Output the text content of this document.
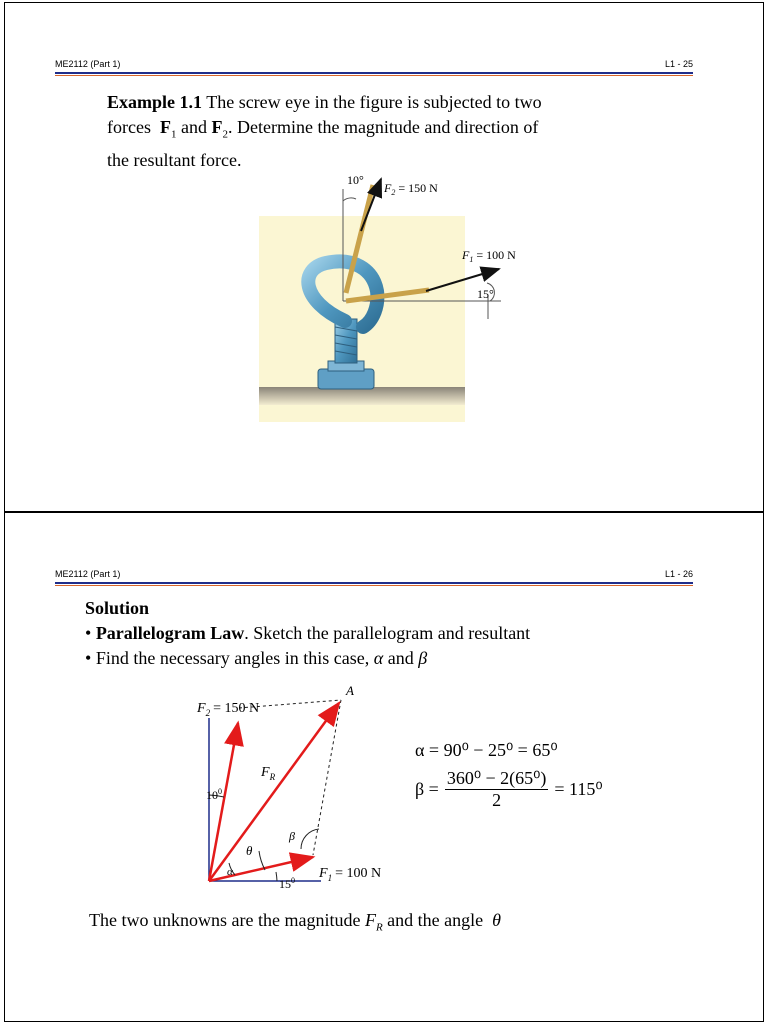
ME2112 (Part 1)	L1 - 25
Example 1.1 The screw eye in the figure is subjected to two
forces $F_1$ and $F_2$. Determine the magnitude and direction of
the resultant force.
10°
$F_2 = 150$ N
$F_1 = 100$ N
15°
ME2112 (Part 1)	L1 - 26
Solution
• Parallelogram Law. Sketch the parallelogram and resultant
• Find the necessary angles in this case, α and β
A
$F_2 = 150$ N
$F_R$
$10^0$
θ
α
β
$15^0$ $F_1 = 100$ N
α = 90⁰ − 25⁰ = 65⁰
$\beta = \frac{\text{360⁰ − 2(65⁰)}}{2} = 115^0$
The two unknowns are the magnitude $F_R$ and the angle θ
